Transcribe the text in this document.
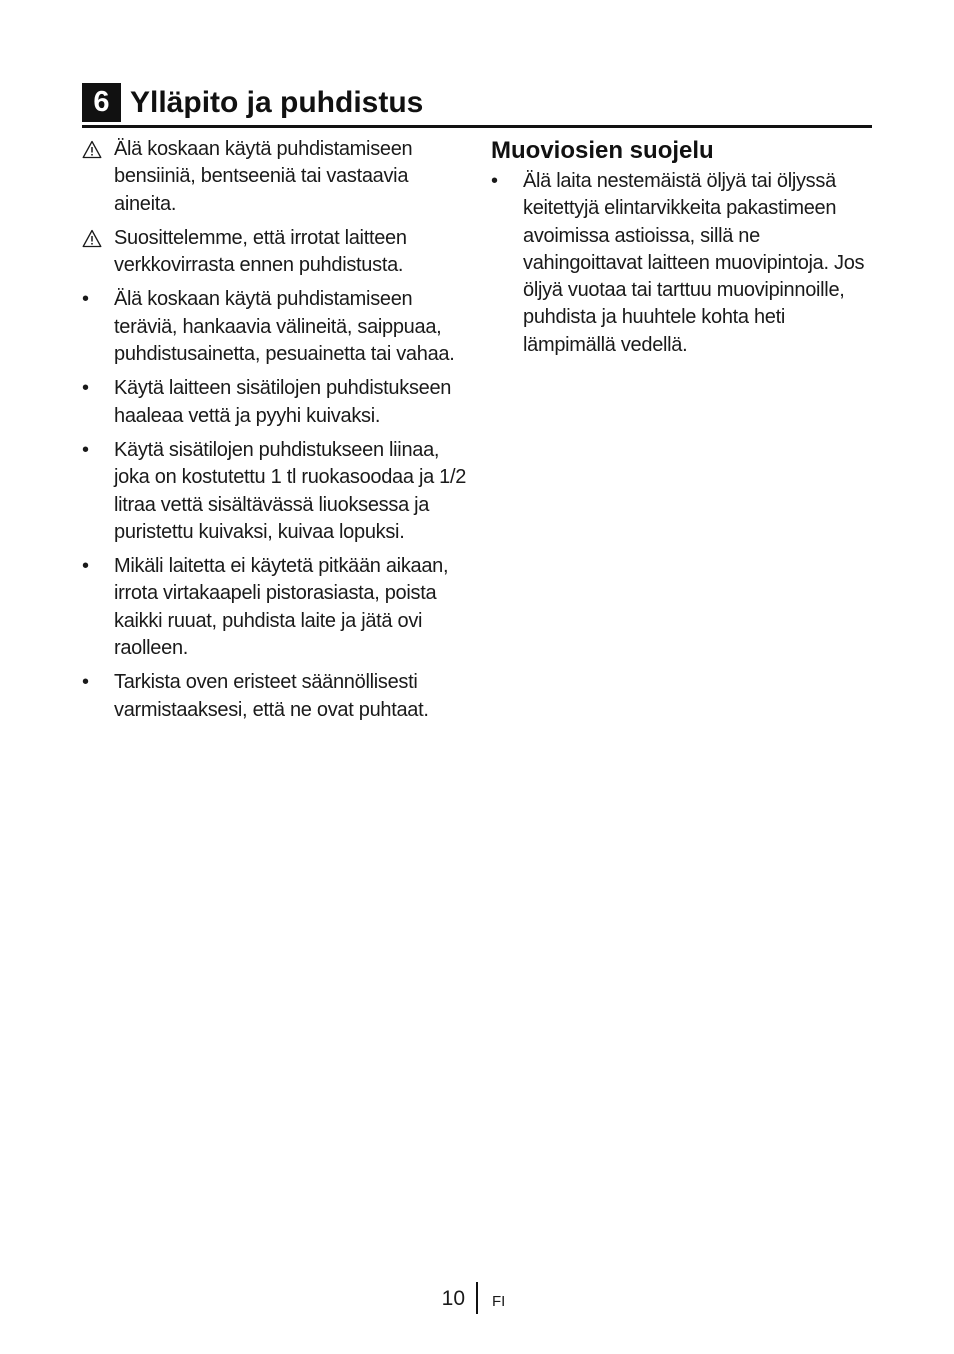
6 Ylläpito ja puhdistus
Älä koskaan käytä puhdistamiseen bensiiniä, bentseeniä tai vastaavia aineita.
Suosittelemme, että irrotat laitteen verkkovirrasta ennen puhdistusta.
•	Älä koskaan käytä puhdistamiseen teräviä, hankaavia välineitä, saippuaa, puhdistusainetta, pesuainetta tai vahaa.
•	Käytä laitteen sisätilojen puhdistukseen haaleaa vettä ja pyyhi kuivaksi.
•	Käytä sisätilojen puhdistukseen liinaa, joka on kostutettu 1 tl ruokasoodaa ja 1/2 litraa vettä sisältävässä liuoksessa ja puristettu kuivaksi, kuivaa lopuksi.
•	Mikäli laitetta ei käytetä pitkään aikaan, irrota virtakaapeli pistorasiasta, poista kaikki ruuat, puhdista laite ja jätä ovi raolleen.
•	Tarkista oven eristeet säännöllisesti varmistaaksesi, että ne ovat puhtaat.
Muoviosien suojelu
•	Älä laita nestemäistä öljyä tai öljyssä keitettyjä elintarvikkeita pakastimeen avoimissa astioissa, sillä ne vahingoittavat laitteen muovipintoja. Jos öljyä vuotaa tai tarttuu muovipinnoille, puhdista ja huuhtele kohta heti lämpimällä vedellä.
10 FI
